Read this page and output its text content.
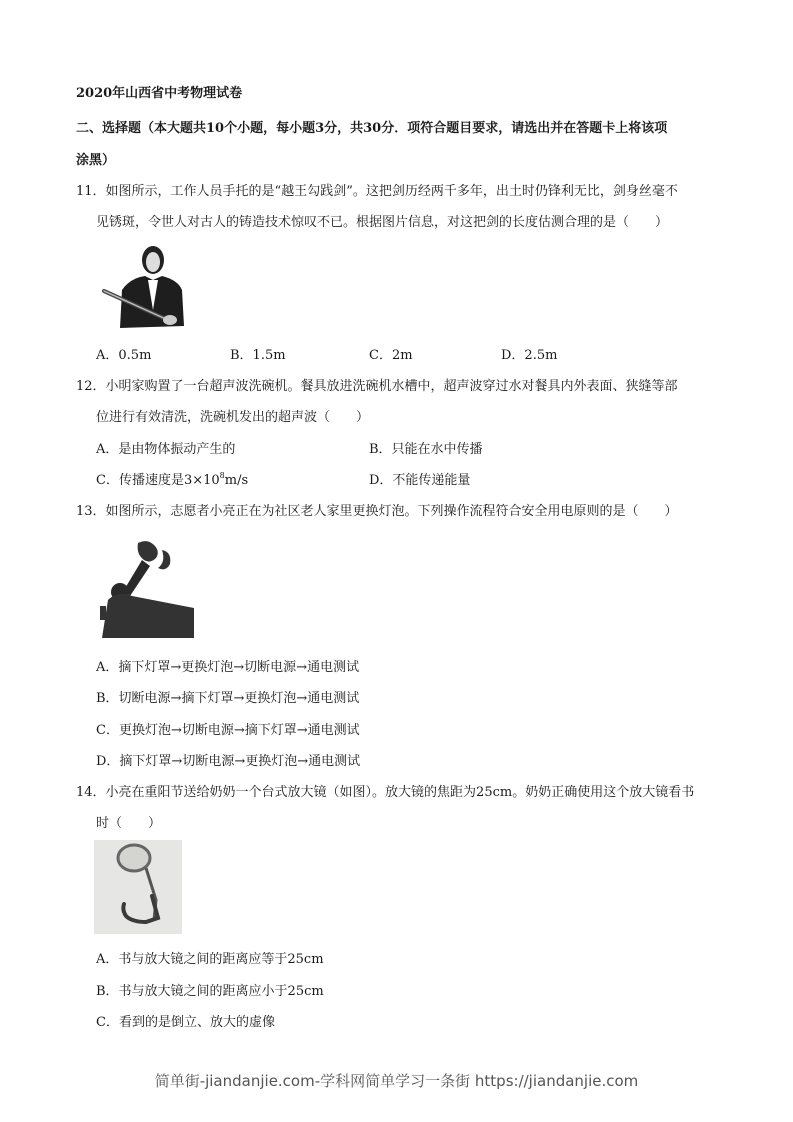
2020年山西省中考物理试卷
二、选择题（本大题共10个小题，每小题3分，共30分．项符合题目要求，请选出并在答题卡上将该项
涂黑）
11．如图所示，工作人员手托的是“越王勾践剑”。这把剑历经两千多年，出土时仍锋利无比，剑身丝毫不
见锈斑，令世人对古人的铸造技术惊叹不已。根据图片信息，对这把剑的长度估测合理的是（　　）
A．0.5m	B．1.5m	C．2m	D．2.5m
12．小明家购置了一台超声波洗碗机。餐具放进洗碗机水槽中，超声波穿过水对餐具内外表面、狭缝等部
位进行有效清洗，洗碗机发出的超声波（　　）
A．是由物体振动产生的	B．只能在水中传播
C．传播速度是$3\times 10^8m/s$	D．不能传递能量
13．如图所示，志愿者小亮正在为社区老人家里更换灯泡。下列操作流程符合安全用电原则的是（　　）
A．摘下灯罩→更换灯泡→切断电源→通电测试
B．切断电源→摘下灯罩→更换灯泡→通电测试
C．更换灯泡→切断电源→摘下灯罩→通电测试
D．摘下灯罩→切断电源→更换灯泡→通电测试
14．小亮在重阳节送给奶奶一个台式放大镜（如图）。放大镜的焦距为25cm。奶奶正确使用这个放大镜看书
时（　　）
A．书与放大镜之间的距离应等于25cm
B．书与放大镜之间的距离应小于25cm
C．看到的是倒立、放大的虚像
简单街-jiandanjie.com-学科网简单学习一条街 https://jiandanjie.com
